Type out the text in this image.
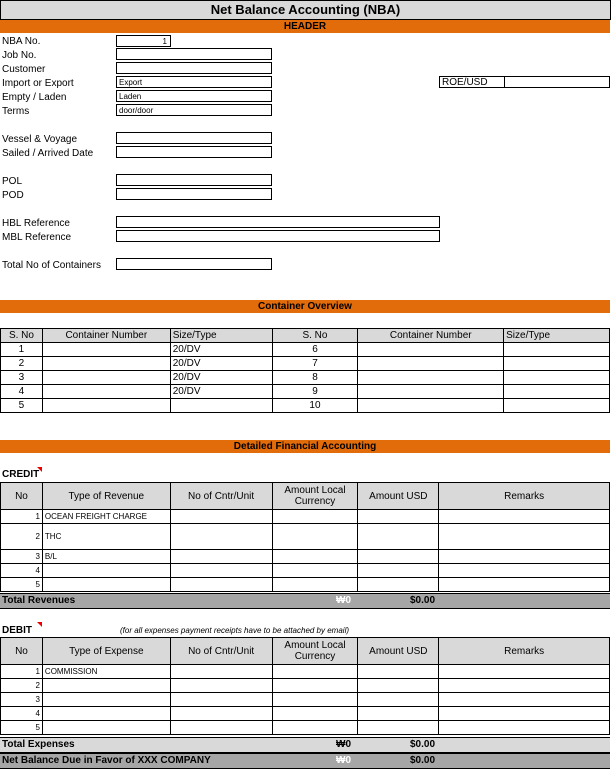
Net Balance Accounting (NBA)
HEADER
NBA No.	1
Job No.
Customer
Import or Export	Export
Empty / Laden	Laden
Terms	door/door
ROE/USD
Vessel & Voyage
Sailed / Arrived Date
POL
POD
HBL Reference
MBL Reference
Total No of Containers
Container Overview
S. No	Container Number	Size/Type	S. No	Container Number	Size/Type
1		20/DV	6		
2		20/DV	7		
3		20/DV	8		
4		20/DV	9		
5			10		
Detailed Financial Accounting
CREDIT
No	Type of Revenue	No of Cntr/Unit	Amount Local Currency	Amount USD	Remarks
1	OCEAN FREIGHT CHARGE				
2	THC				
3	B/L				
4					
5					
Total Revenues	₩0	$0.00
DEBIT	(for all expenses payment receipts have to be attached by email)
No	Type of Expense	No of Cntr/Unit	Amount Local Currency	Amount USD	Remarks
1	COMMISSION				
2					
3					
4					
5					
Total Expenses	₩0	$0.00
Net Balance Due in Favor of XXX COMPANY	₩0	$0.00
